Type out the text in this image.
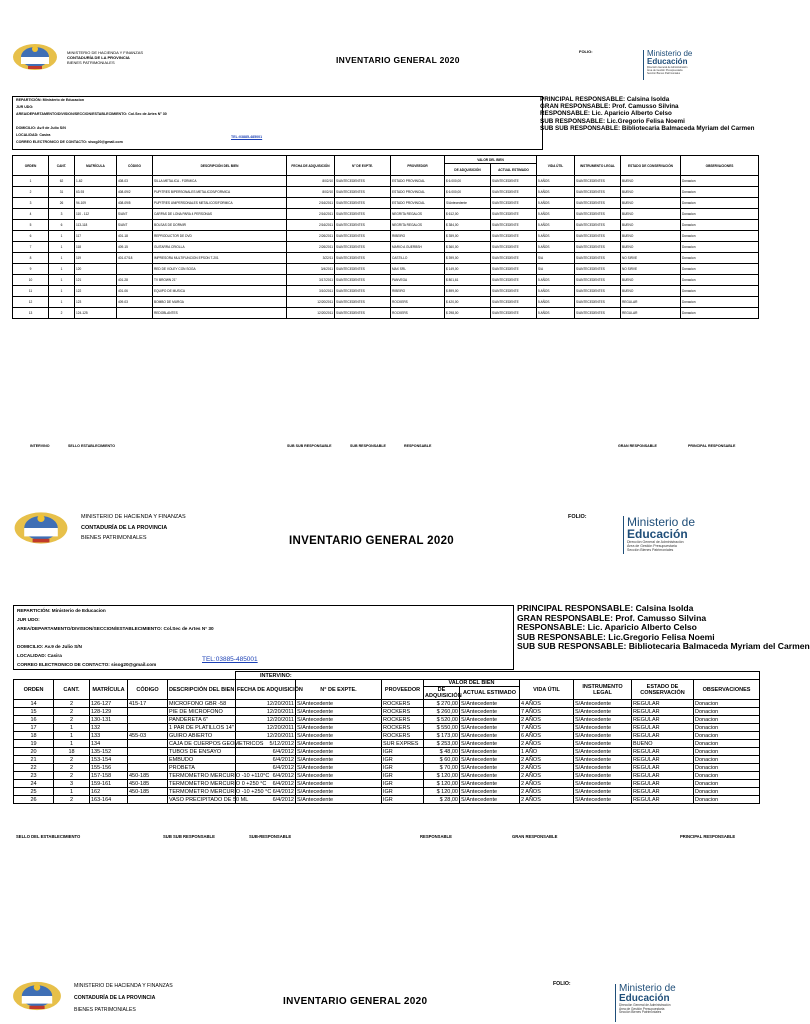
MINISTERIO DE HACIENDA Y FINANZAS
CONTADURÍA DE LA PROVINCIA
BIENES PATRIMONIALES	INVENTARIO GENERAL 2020
FOLIO:	Ministerio de
Educación
Dirección General de Administración
Área de Gestión Presupuestaria
Sección Bienes Patrimoniales
REPARTICIÓN: Ministerio de Educacion
JUR UDO:
AREA/DEPARTAMENTO/DIVISION/SECCION/ESTABLECIMIENTO: Col.Sec de Artes N° 30

DOMICILIO: Av.9 de Julio S/N
LOCALIDAD: Casira
CORREO ELECTRONICO DE CONTACTO: sisog20@gmail.com
TEL:03885-485001
PRINCIPAL RESPONSABLE: Calsina Isolda
GRAN RESPONSABLE: Prof. Camusso Silvina
RESPONSABLE: Lic. Aparicio Alberto Celso
SUB RESPONSABLE: Lic.Gregorio Felisa Noemi
SUB SUB RESPONSABLE: Bibliotecaria Balmaceda Myriam del Carmen
ORDEN	CANT.	MATRÍCULA	CÓDIGO	DESCRIPCIÓN DEL BIEN	FECHA DE ADQUISICIÓN	N° DE EXPTE.	PROVEEDOR	VALOR DEL BIEN		VIDA ÚTIL	INSTRUMENTO LEGAL	ESTADO DE CONSERVACIÓN	OBSERVACIONES
								DE ADQUISICIÓN	ACTUAL ESTIMADO				
1	62	1-62	408-03	SILLA METALICA - FORMICA	8/02/10	S/ANTECEDENTES	ESTADO PROVINCIAL	$ 6.000,00	S/ANTECEDENTE	5 AÑOS	S/ANTECEDENTES	BUENO	Donacion
2	31	63-93	408-09/2	PUPITRES BIPERSONALES METALICOS/FORMICA	8/02/10	S/ANTECEDENTES	ESTADO PROVINCIAL	$ 6.000,00	S/ANTECEDENTE	5 AÑOS	S/ANTECEDENTES	BUENO	Donacion
3	26	94-109	408-09/5	PUPITRES UNIPERSONALES METALICOS/FORMICA	2/16/2011	S/ANTECEDENTES	ESTADO PROVINCIAL	S/Antecedente	S/ANTECEDENTE	5 AÑOS	S/ANTECEDENTES	BUENO	Donacion
4	3	110 - 112	S/ANT	CARPAS DE LONA PARA 4 PERSONAS	2/16/2011	S/ANTECEDENTES	NEGRITA REGALOS	$ 612,00	S/ANTECEDENTE	5 AÑOS	S/ANTECEDENTES	BUENO	Donacion
5	6	113-118	S/ANT	BOLSAS DE DORMIR	2/16/2011	S/ANTECEDENTES	NEGRITA REGALOS	$ 384,00	S/ANTECEDENTE	5 AÑOS	S/ANTECEDENTES	BUENO	Donacion
6	1	117	401-18	REPRODUCTOR DE DVD	2/26/2011	S/ANTECEDENTES	RIBEIRO	$ 359,00	S/ANTECEDENTE	5 AÑOS	S/ANTECEDENTES	BUENO	Donacion
7	1	118	409-15	GUITARRA CRIOLLA	2/26/2011	S/ANTECEDENTES	MARIO A GUERBSH	$ 360,00	S/ANTECEDENTE	5 AÑOS	S/ANTECEDENTES	BUENO	Donacion
8	1	119	401-07/18	IMPRESORA MULTIFUNCION EPSON T-201	3/22/11	S/ANTECEDENTES	CASTILLO	$ 399,00	S/ANTECEDENTE	S/A	S/ANTECEDENTES	NO SIRVE	Donacion
9	1	120		RED DE VOLEY CON SOGA	3/4/2011	S/ANTECEDENTES	MAX SRL	$ 149,00	S/ANTECEDENTE	S/A	S/ANTECEDENTES	NO SIRVE	Donacion
10	1	121	401-28	TV BROWN 21"	3/17/2011	S/ANTECEDENTES	PANVEGA	$ 801,61	S/ANTECEDENTE	5 AÑOS	S/ANTECEDENTES	BUENO	Donacion
11	1	122	401-06	EQUIPO DE MUSICA	3/10/2011	S/ANTECEDENTES	RIBEIRO	$ 899,00	S/ANTECEDENTE	5 AÑOS	S/ANTECEDENTES	BUENO	Donacion
12	1	123	409-03	BOMBO DE MURGA	12/20/2011	S/ANTECEDENTES	ROCKERS	$ 420,00	S/ANTECEDENTE	5 AÑOS	S/ANTECEDENTES	REGULAR	Donacion
13	2	124-125		REDOBLANTES	12/20/2011	S/ANTECEDENTES	ROCKERS	$ 298,00	S/ANTECEDENTE	5 AÑOS	S/ANTECEDENTES	REGULAR	Donacion
INTERVINO	SELLO ESTABLECIMIENTO	SUB SUB RESPONSABLE	SUB RESPONSABLE	RESPONSABLE	GRAN RESPONSABLE	PRINCIPAL RESPONSABLE
MINISTERIO DE HACIENDA Y FINANZAS
CONTADURÍA DE LA PROVINCIA
BIENES PATRIMONIALES	INVENTARIO GENERAL 2020
FOLIO:	Ministerio de
Educación
Dirección General de Administración
Área de Gestión Presupuestaria
Sección Bienes Patrimoniales
REPARTICIÓN: Ministerio de Educacion
JUR UDO:
AREA/DEPARTAMENTO/DIVISION/SECCION/ESTABLECIMIENTO: Col.Sec de Artes N° 30

DOMICILIO: Av.9 de Julio S/N
LOCALIDAD: Casira
CORREO ELECTRONICO DE CONTACTO: sisog20@gmail.com
TEL:03885-485001
PRINCIPAL RESPONSABLE: Calsina Isolda
GRAN RESPONSABLE: Prof. Camusso Silvina
RESPONSABLE: Lic. Aparicio Alberto Celso
SUB RESPONSABLE: Lic.Gregorio Felisa Noemi
SUB SUB RESPONSABLE: Bibliotecaria Balmaceda Myriam del Carmen
					INTERVINO:								
ORDEN	CANT.	MATRÍCULA	CÓDIGO	DESCRIPCIÓN DEL BIEN	FECHA DE ADQUISICIÓN	N° DE EXPTE.	PROVEEDOR	VALOR DEL BIEN		VIDA ÚTIL	INSTRUMENTO LEGAL	ESTADO DE CONSERVACIÓN	OBSERVACIONES
								DE ADQUISICIÓN	ACTUAL ESTIMADO				
14	2	126-127	415-17	MICROFONO GBR -58	12/20/2011	S/Antecedente	ROCKERS	$ 270,00	S/Antecedente	4 AÑOS	S/Antecedente	REGULAR	Donacion
15	2	128-129		PIE DE MICROFONO	12/20/2011	S/Antecedente	ROCKERS	$ 260,00	S/Antecedente	7 AÑOS	S/Antecedente	REGULAR	Donacion
16	2	130-131		PANDERETA 6"	12/20/2011	S/Antecedente	ROCKERS	$ 520,00	S/Antecedente	2 AÑOS	S/Antecedente	REGULAR	Donacion
17	1	132		1 PAR DE PLATILLOS 14"	12/20/2011	S/Antecedente	ROCKERS	$ 550,00	S/Antecedente	7 AÑOS	S/Antecedente	REGULAR	Donacion
18	1	133	455-03	GUIRO ABIERTO	12/20/2011	S/Antecedente	ROCKERS	$ 173,00	S/Antecedente	6 AÑOS	S/Antecedente	REGULAR	Donacion
19	1	134		CAJA DE CUERPOS GEOMETRICOS	5/12/2012	S/Antecedente	SUR EXPRES	$ 253,00	S/Antecedente	2 AÑOS	S/Antecedente	BUENO	Donacion
20	18	135-152		TUBOS DE ENSAYO	6/4/2012	S/Antecedente	IGR	$ 48,00	S/Antecedente	1 AÑO	S/Antecedente	REGULAR	Donacion
21	2	153-154		EMBUDO	6/4/2012	S/Antecedente	IGR	$ 60,00	S/Antecedente	2 AÑOS	S/Antecedente	REGULAR	Donacion
22	2	155-156		PROBETA	6/4/2012	S/Antecedente	IGR	$ 70,00	S/Antecedente	2 AÑOS	S/Antecedente	REGULAR	Donacion
23	2	157-158	450-185	TERMOMETRO MERCURIO -10 +110°C	6/4/2012	S/Antecedente	IGR	$ 120,00	S/Antecedente	2 AÑOS	S/Antecedente	REGULAR	Donacion
24	3	159-161	450-185	TERMOMETRO MERCURIO 0 +250 °C	6/4/2012	S/Antecedente	IGR	$ 120,00	S/Antecedente	2 AÑOS	S/Antecedente	REGULAR	Donacion
25	1	162	450-185	TERMOMETRO MERCURIO -10 +250 °C	6/4/2012	S/Antecedente	IGR	$ 120,00	S/Antecedente	2 AÑOS	S/Antecedente	REGULAR	Donacion
26	2	163-164		VASO PRECIPITADO DE 50 ML	6/4/2012	S/Antecedente	IGR	$ 28,00	S/Antecedente	2 AÑOS	S/Antecedente	REGULAR	Donacion
SELLO DEL ESTABLECIMIENTO	SUB SUB RESPONSABLE	SUB-RESPONSABLE	RESPONSABLE	GRAN RESPONSABLE	PRINCIPAL RESPONSABLE
MINISTERIO DE HACIENDA Y FINANZAS
CONTADURÍA DE LA PROVINCIA
BIENES PATRIMONIALES
INVENTARIO GENERAL 2020
FOLIO:	Ministerio de
Educación
Dirección General de Administración
Área de Gestión Presupuestaria
Sección Bienes Patrimoniales
